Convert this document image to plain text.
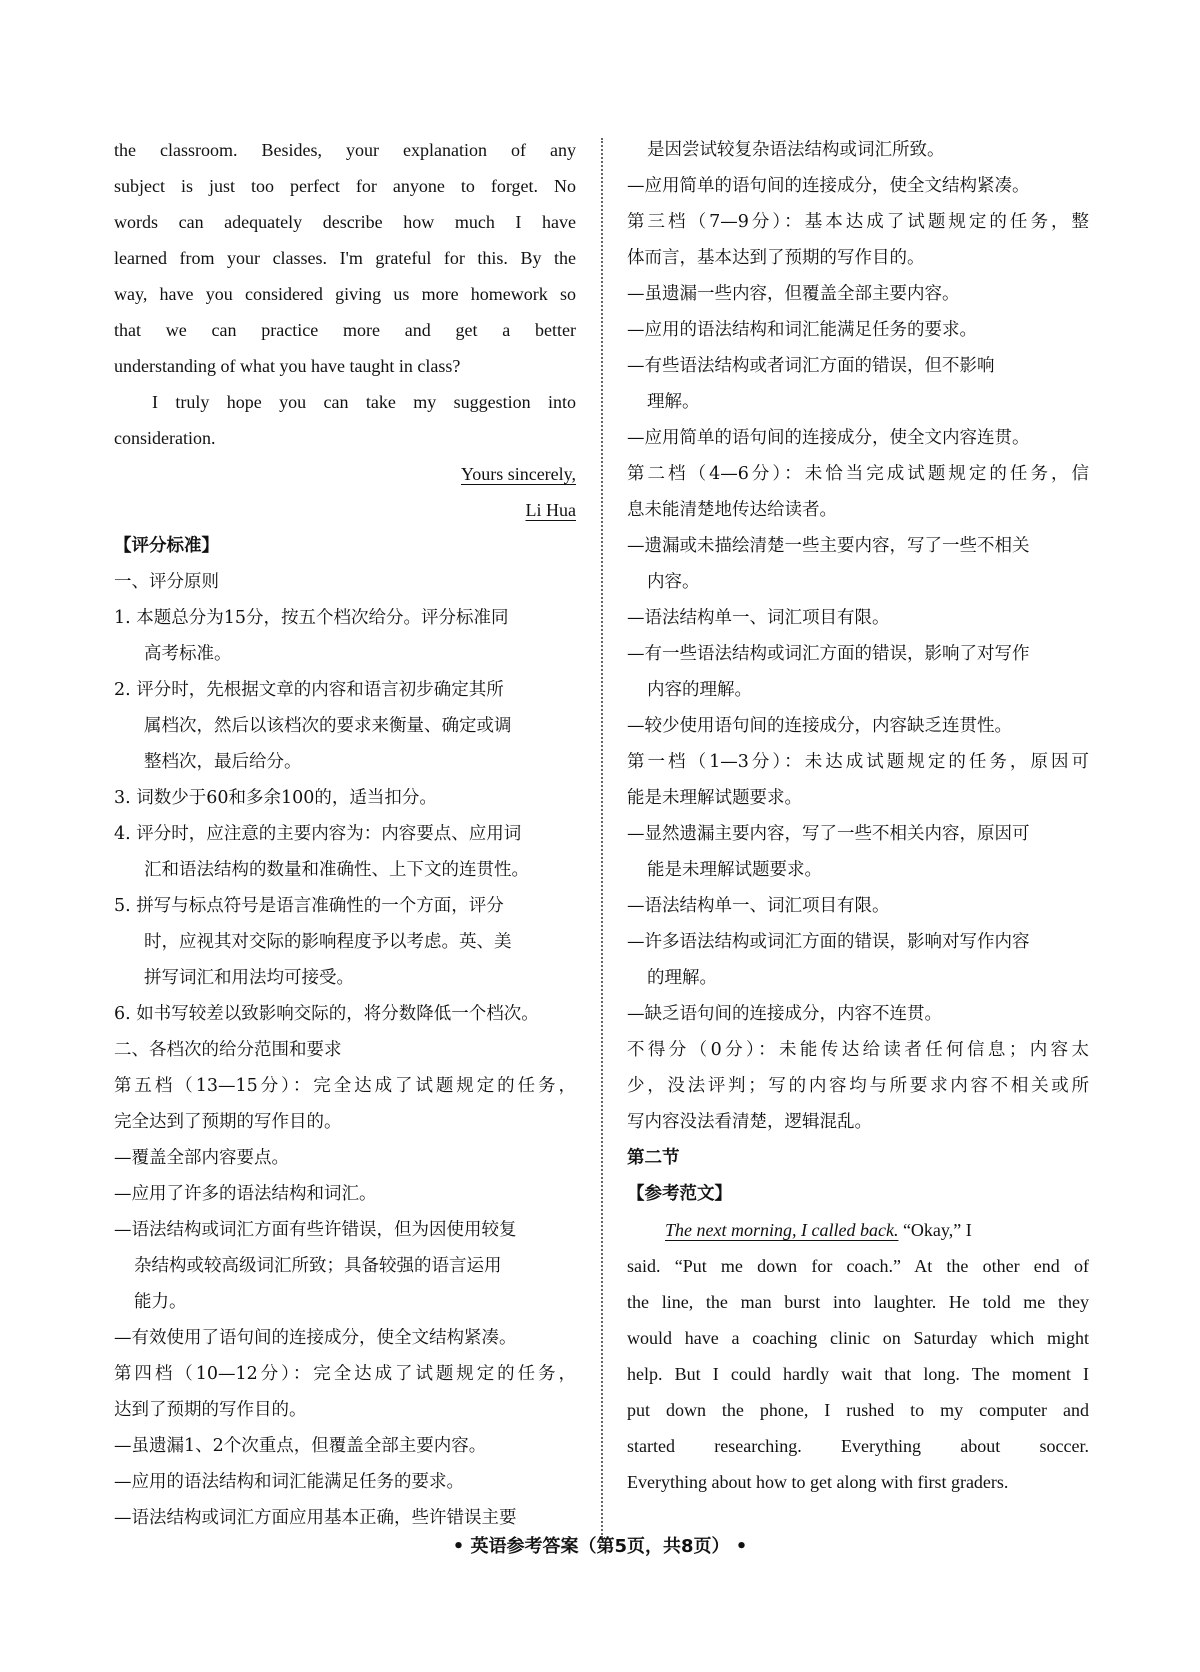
the classroom. Besides, your explanation of any
subject is just too perfect for anyone to forget. No
words can adequately describe how much I have
learned from your classes. I'm grateful for this. By the
way, have you considered giving us more homework so
that we can practice more and get a better
understanding of what you have taught in class?
I truly hope you can take my suggestion into
consideration.
Yours sincerely,
Li Hua
【评分标准】
一、评分原则
1. 本题总分为15分，按五个档次给分。评分标准同
高考标准。
2. 评分时，先根据文章的内容和语言初步确定其所
属档次，然后以该档次的要求来衡量、确定或调
整档次，最后给分。
3. 词数少于60和多余100的，适当扣分。
4. 评分时，应注意的主要内容为：内容要点、应用词
汇和语法结构的数量和准确性、上下文的连贯性。
5. 拼写与标点符号是语言准确性的一个方面，评分
时，应视其对交际的影响程度予以考虑。英、美
拼写词汇和用法均可接受。
6. 如书写较差以致影响交际的，将分数降低一个档次。
二、各档次的给分范围和要求
第五档（13—15分）：完全达成了试题规定的任务，
完全达到了预期的写作目的。
—覆盖全部内容要点。
—应用了许多的语法结构和词汇。
—语法结构或词汇方面有些许错误，但为因使用较复
杂结构或较高级词汇所致；具备较强的语言运用
能力。
—有效使用了语句间的连接成分，使全文结构紧凑。
第四档（10—12分）：完全达成了试题规定的任务，
达到了预期的写作目的。
—虽遗漏1、2个次重点，但覆盖全部主要内容。
—应用的语法结构和词汇能满足任务的要求。
—语法结构或词汇方面应用基本正确，些许错误主要
是因尝试较复杂语法结构或词汇所致。
—应用简单的语句间的连接成分，使全文结构紧凑。
第三档（7—9分）：基本达成了试题规定的任务，整
体而言，基本达到了预期的写作目的。
—虽遗漏一些内容，但覆盖全部主要内容。
—应用的语法结构和词汇能满足任务的要求。
—有些语法结构或者词汇方面的错误，但不影响
理解。
—应用简单的语句间的连接成分，使全文内容连贯。
第二档（4—6分）：未恰当完成试题规定的任务，信
息未能清楚地传达给读者。
—遗漏或未描绘清楚一些主要内容，写了一些不相关
内容。
—语法结构单一、词汇项目有限。
—有一些语法结构或词汇方面的错误，影响了对写作
内容的理解。
—较少使用语句间的连接成分，内容缺乏连贯性。
第一档（1—3分）：未达成试题规定的任务，原因可
能是未理解试题要求。
—显然遗漏主要内容，写了一些不相关内容，原因可
能是未理解试题要求。
—语法结构单一、词汇项目有限。
—许多语法结构或词汇方面的错误，影响对写作内容
的理解。
—缺乏语句间的连接成分，内容不连贯。
不得分（0分）：未能传达给读者任何信息；内容太
少，没法评判；写的内容均与所要求内容不相关或所
写内容没法看清楚，逻辑混乱。
第二节
【参考范文】
The next morning, I called back. “Okay,” I
said. “Put me down for coach.” At the other end of
the line, the man burst into laughter. He told me they
would have a coaching clinic on Saturday which might
help. But I could hardly wait that long. The moment I
put down the phone, I rushed to my computer and
started researching. Everything about soccer.
Everything about how to get along with first graders.
• 英语参考答案（第5页，共8页） •
